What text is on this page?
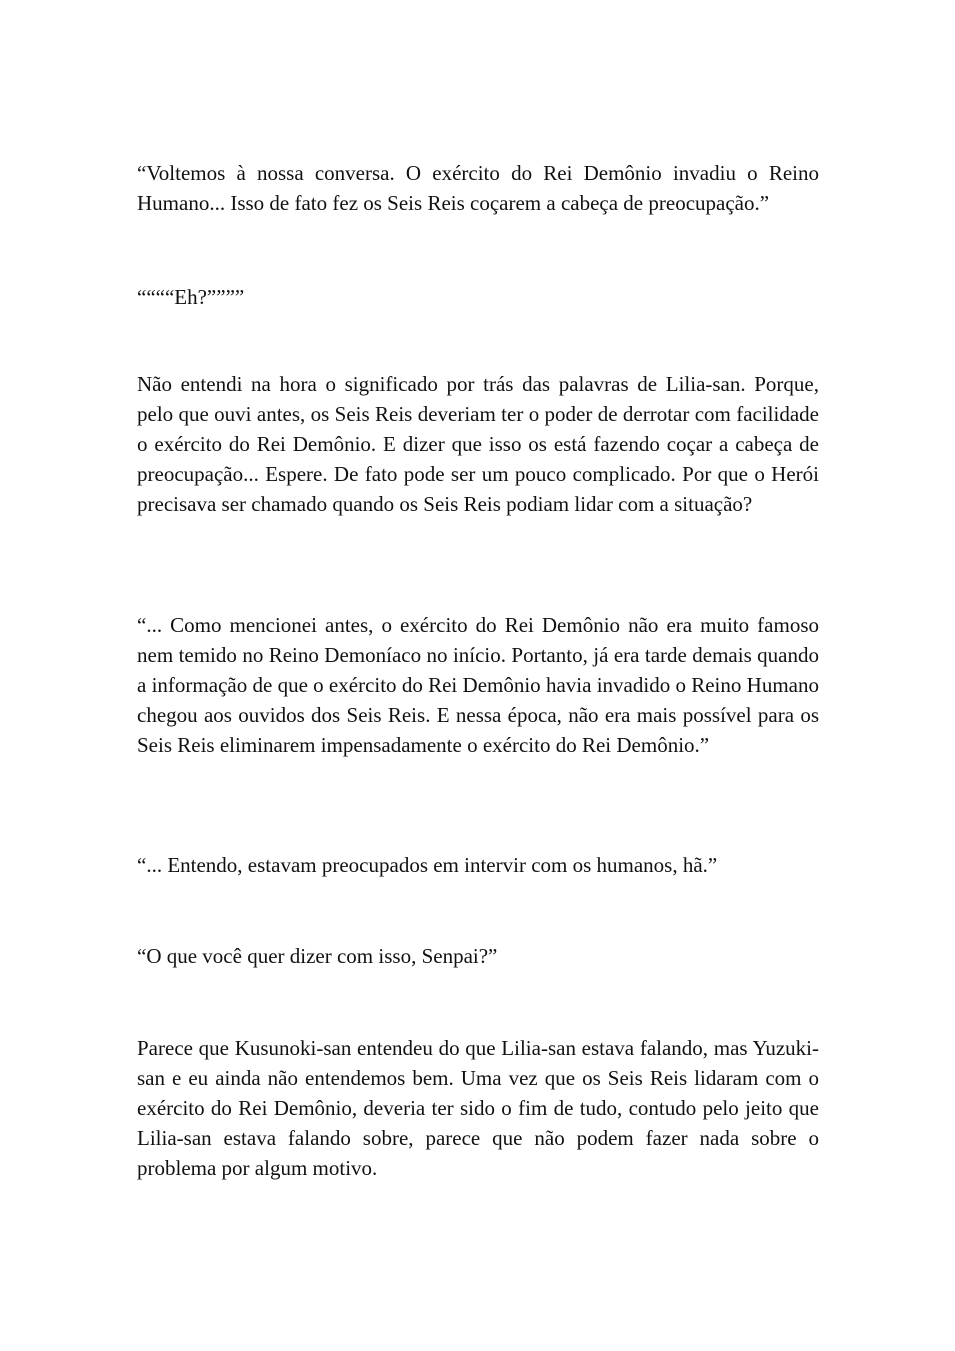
“Voltemos à nossa conversa. O exército do Rei Demônio invadiu o Reino Humano... Isso de fato fez os Seis Reis coçarem a cabeça de preocupação.”

““““Eh?””””

Não entendi na hora o significado por trás das palavras de Lilia-san. Porque, pelo que ouvi antes, os Seis Reis deveriam ter o poder de derrotar com facilidade o exército do Rei Demônio. E dizer que isso os está fazendo coçar a cabeça de preocupação... Espere. De fato pode ser um pouco complicado. Por que o Herói precisava ser chamado quando os Seis Reis podiam lidar com a situação?

“... Como mencionei antes, o exército do Rei Demônio não era muito famoso nem temido no Reino Demoníaco no início. Portanto, já era tarde demais quando a informação de que o exército do Rei Demônio havia invadido o Reino Humano chegou aos ouvidos dos Seis Reis. E nessa época, não era mais possível para os Seis Reis eliminarem impensadamente o exército do Rei Demônio.”

“... Entendo, estavam preocupados em intervir com os humanos, hã.”

“O que você quer dizer com isso, Senpai?”

Parece que Kusunoki-san entendeu do que Lilia-san estava falando, mas Yuzuki-san e eu ainda não entendemos bem. Uma vez que os Seis Reis lidaram com o exército do Rei Demônio, deveria ter sido o fim de tudo, contudo pelo jeito que Lilia-san estava falando sobre, parece que não podem fazer nada sobre o problema por algum motivo.
